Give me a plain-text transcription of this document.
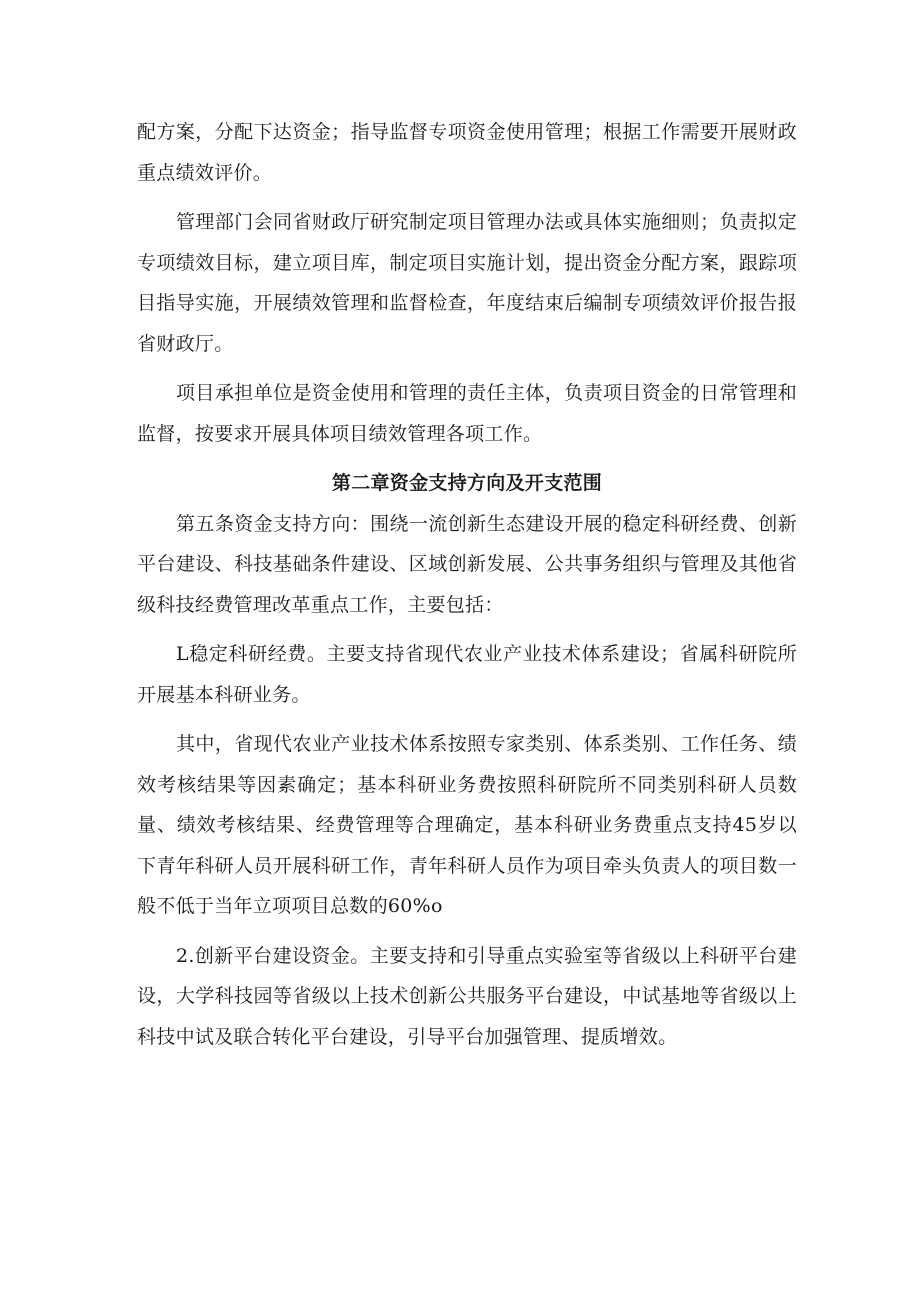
配方案，分配下达资金；指导监督专项资金使用管理；根据工作需要开展财政重点绩效评价。

管理部门会同省财政厅研究制定项目管理办法或具体实施细则；负责拟定专项绩效目标，建立项目库，制定项目实施计划，提出资金分配方案，跟踪项目指导实施，开展绩效管理和监督检查，年度结束后编制专项绩效评价报告报省财政厅。

项目承担单位是资金使用和管理的责任主体，负责项目资金的日常管理和监督，按要求开展具体项目绩效管理各项工作。

第二章资金支持方向及开支范围

第五条资金支持方向：围绕一流创新生态建设开展的稳定科研经费、创新平台建设、科技基础条件建设、区域创新发展、公共事务组织与管理及其他省级科技经费管理改革重点工作，主要包括：

L稳定科研经费。主要支持省现代农业产业技术体系建设；省属科研院所开展基本科研业务。

其中，省现代农业产业技术体系按照专家类别、体系类别、工作任务、绩效考核结果等因素确定；基本科研业务费按照科研院所不同类别科研人员数量、绩效考核结果、经费管理等合理确定，基本科研业务费重点支持45岁以下青年科研人员开展科研工作，青年科研人员作为项目牵头负责人的项目数一般不低于当年立项项目总数的60%o

2.创新平台建设资金。主要支持和引导重点实验室等省级以上科研平台建设，大学科技园等省级以上技术创新公共服务平台建设，中试基地等省级以上科技中试及联合转化平台建设，引导平台加强管理、提质增效。
